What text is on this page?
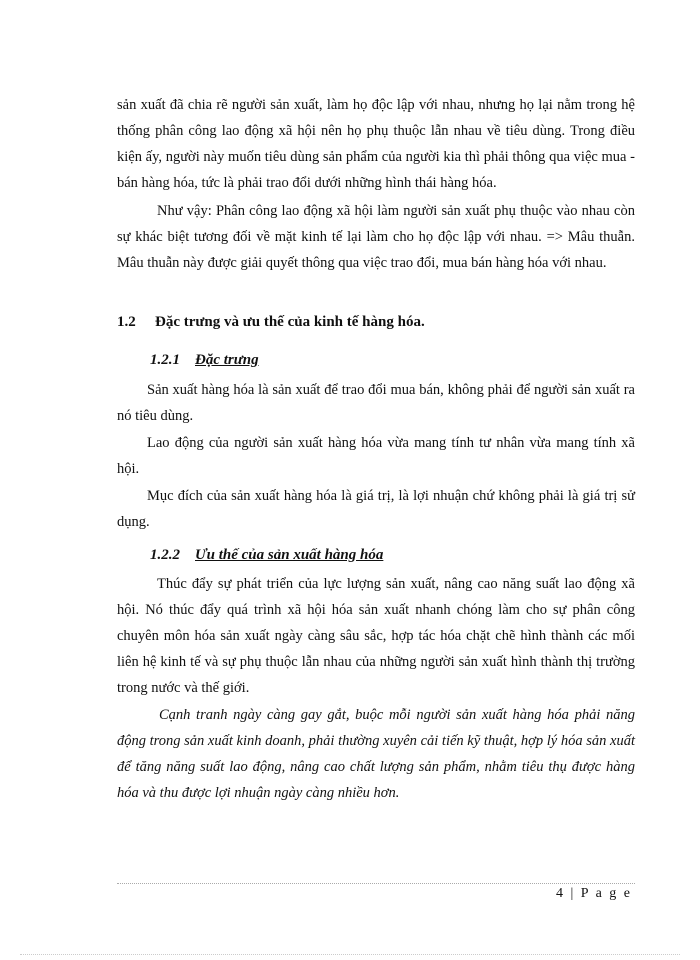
sản xuất đã chia rẽ người sản xuất, làm họ độc lập với nhau, nhưng họ lại nằm trong hệ thống phân công lao động xã hội nên họ phụ thuộc lẫn nhau về tiêu dùng. Trong điều kiện ấy, người này muốn tiêu dùng sản phẩm của người kia thì phải thông qua việc mua - bán hàng hóa, tức là phải trao đổi dưới những hình thái hàng hóa.

Như vậy: Phân công lao động xã hội làm người sản xuất phụ thuộc vào nhau còn sự khác biệt tương đối về mặt kinh tế lại làm cho họ độc lập với nhau. => Mâu thuẫn. Mâu thuẫn này được giải quyết thông qua việc trao đổi, mua bán hàng hóa với nhau.

1.2 Đặc trưng và ưu thế của kinh tế hàng hóa.
1.2.1 Đặc trưng

Sản xuất hàng hóa là sản xuất để trao đổi mua bán, không phải để người sản xuất ra nó tiêu dùng.

Lao động của người sản xuất hàng hóa vừa mang tính tư nhân vừa mang tính xã hội.

Mục đích của sản xuất hàng hóa là giá trị, là lợi nhuận chứ không phải là giá trị sử dụng.

1.2.2 Ưu thế của sản xuất hàng hóa

Thúc đẩy sự phát triển của lực lượng sản xuất, nâng cao năng suất lao động xã hội. Nó thúc đẩy quá trình xã hội hóa sản xuất nhanh chóng làm cho sự phân công chuyên môn hóa sản xuất ngày càng sâu sắc, hợp tác hóa chặt chẽ hình thành các mối liên hệ kinh tế và sự phụ thuộc lẫn nhau của những người sản xuất hình thành thị trường trong nước và thế giới.

Cạnh tranh ngày càng gay gắt, buộc mỗi người sản xuất hàng hóa phải năng động trong sản xuất kinh doanh, phải thường xuyên cải tiến kỹ thuật, hợp lý hóa sản xuất để tăng năng suất lao động, nâng cao chất lượng sản phẩm, nhằm tiêu thụ được hàng hóa và thu được lợi nhuận ngày càng nhiều hơn.

4 | P a g e
